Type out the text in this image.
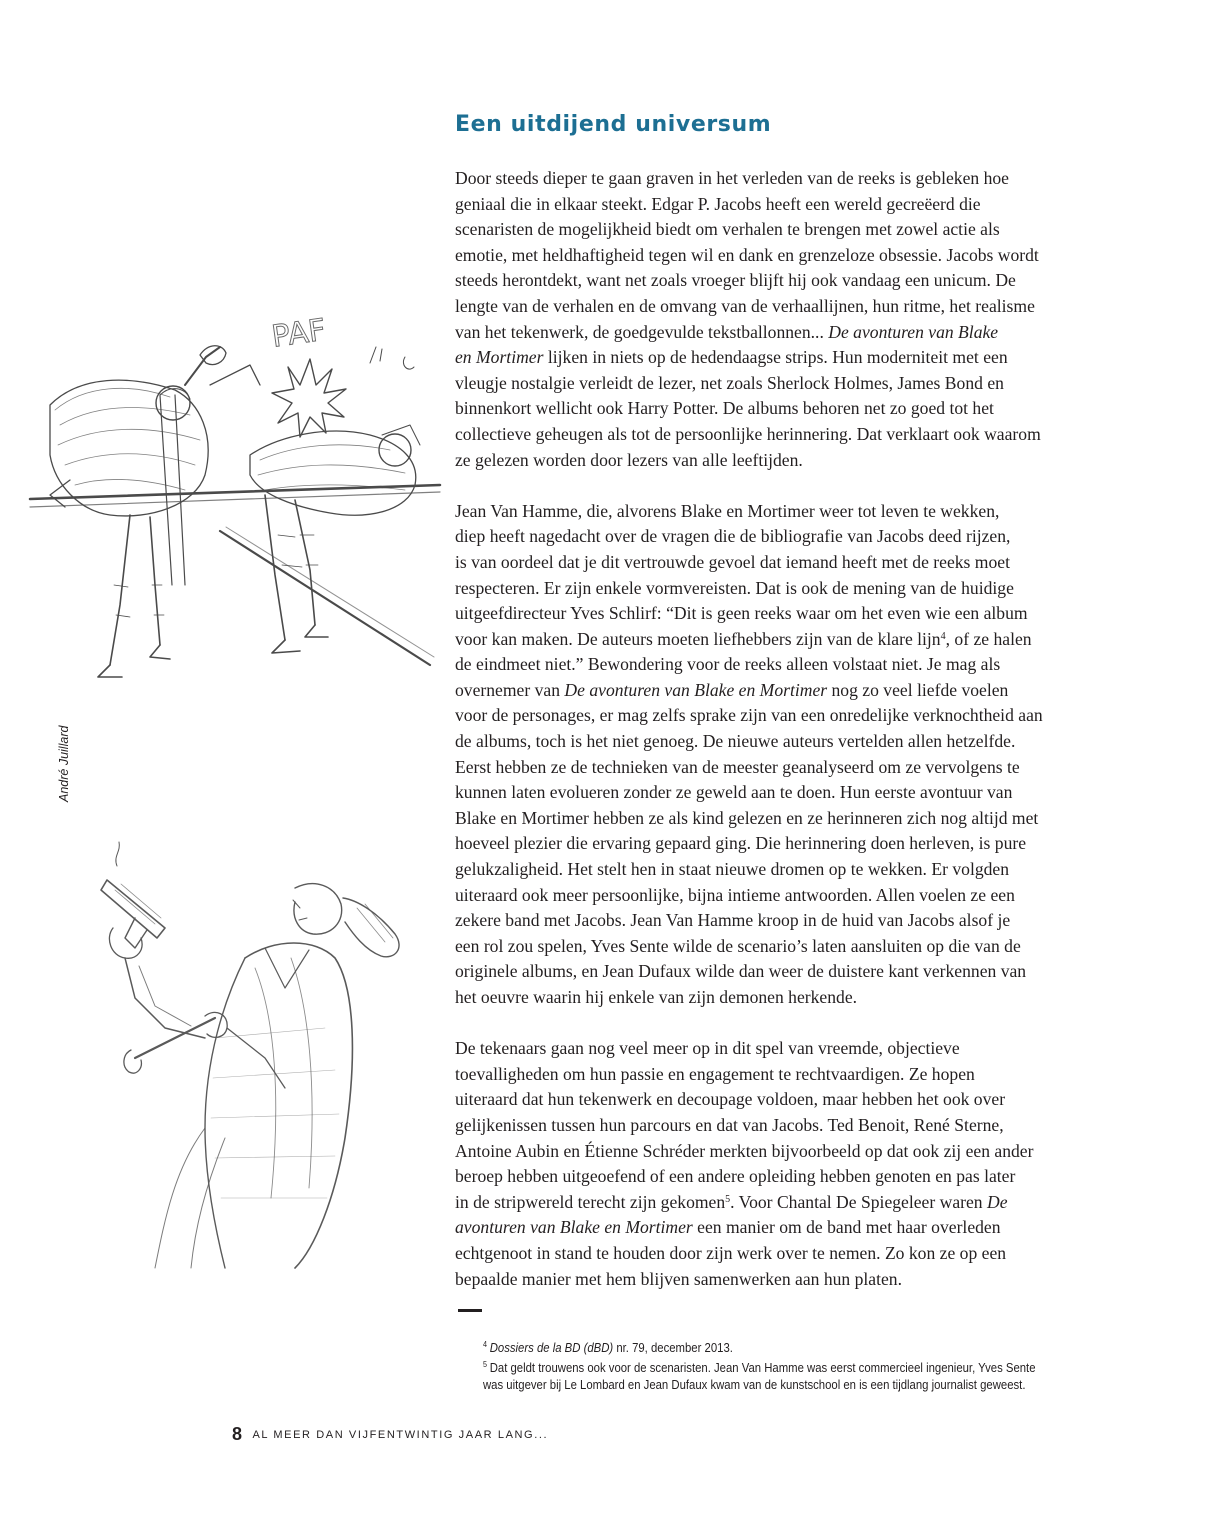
Een uitdijend universum

Door steeds dieper te gaan graven in het verleden van de reeks is gebleken hoe
geniaal die in elkaar steekt. Edgar P. Jacobs heeft een wereld gecreëerd die
scenaristen de mogelijkheid biedt om verhalen te brengen met zowel actie als
emotie, met heldhaftigheid tegen wil en dank en grenzeloze obsessie. Jacobs wordt
steeds herontdekt, want net zoals vroeger blijft hij ook vandaag een unicum. De
lengte van de verhalen en de omvang van de verhaallijnen, hun ritme, het realisme
van het tekenwerk, de goedgevulde tekstballonnen... De avonturen van Blake
en Mortimer lijken in niets op de hedendaagse strips. Hun moderniteit met een
vleugje nostalgie verleidt de lezer, net zoals Sherlock Holmes, James Bond en
binnenkort wellicht ook Harry Potter. De albums behoren net zo goed tot het
collectieve geheugen als tot de persoonlijke herinnering. Dat verklaart ook waarom
ze gelezen worden door lezers van alle leeftijden.

Jean Van Hamme, die, alvorens Blake en Mortimer weer tot leven te wekken,
diep heeft nagedacht over de vragen die de bibliografie van Jacobs deed rijzen,
is van oordeel dat je dit vertrouwde gevoel dat iemand heeft met de reeks moet
respecteren. Er zijn enkele vormvereisten. Dat is ook de mening van de huidige
uitgeefdirecteur Yves Schlirf: “Dit is geen reeks waar om het even wie een album
voor kan maken. De auteurs moeten liefhebbers zijn van de klare lijn$^4$, of ze halen
de eindmeet niet.” Bewondering voor de reeks alleen volstaat niet. Je mag als
overnemer van De avonturen van Blake en Mortimer nog zo veel liefde voelen
voor de personages, er mag zelfs sprake zijn van een onredelijke verknochtheid aan
de albums, toch is het niet genoeg. De nieuwe auteurs vertelden allen hetzelfde.
Eerst hebben ze de technieken van de meester geanalyseerd om ze vervolgens te
kunnen laten evolueren zonder ze geweld aan te doen. Hun eerste avontuur van
Blake en Mortimer hebben ze als kind gelezen en ze herinneren zich nog altijd met
hoeveel plezier die ervaring gepaard ging. Die herinnering doen herleven, is pure
gelukzaligheid. Het stelt hen in staat nieuwe dromen op te wekken. Er volgden
uiteraard ook meer persoonlijke, bijna intieme antwoorden. Allen voelen ze een
zekere band met Jacobs. Jean Van Hamme kroop in de huid van Jacobs alsof je
een rol zou spelen, Yves Sente wilde de scenario’s laten aansluiten op die van de
originele albums, en Jean Dufaux wilde dan weer de duistere kant verkennen van
het oeuvre waarin hij enkele van zijn demonen herkende.

De tekenaars gaan nog veel meer op in dit spel van vreemde, objectieve
toevalligheden om hun passie en engagement te rechtvaardigen. Ze hopen
uiteraard dat hun tekenwerk en decoupage voldoen, maar hebben het ook over
gelijkenissen tussen hun parcours en dat van Jacobs. Ted Benoit, René Sterne,
Antoine Aubin en Étienne Schréder merkten bijvoorbeeld op dat ook zij een ander
beroep hebben uitgeoefend of een andere opleiding hebben genoten en pas later
in de stripwereld terecht zijn gekomen$^5$. Voor Chantal De Spiegeleer waren De
avonturen van Blake en Mortimer een manier om de band met haar overleden
echtgenoot in stand te houden door zijn werk over te nemen. Zo kon ze op een
bepaalde manier met hem blijven samenwerken aan hun platen.

$^4$ Dossiers de la BD (dBD) nr. 79, december 2013.
$^5$ Dat geldt trouwens ook voor de scenaristen. Jean Van Hamme was eerst commercieel ingenieur, Yves Sente
was uitgever bij Le Lombard en Jean Dufaux kwam van de kunstschool en is een tijdlang journalist geweest.
PAF
André Juillard
8 AL MEER DAN VIJFENTWINTIG JAAR LANG...
